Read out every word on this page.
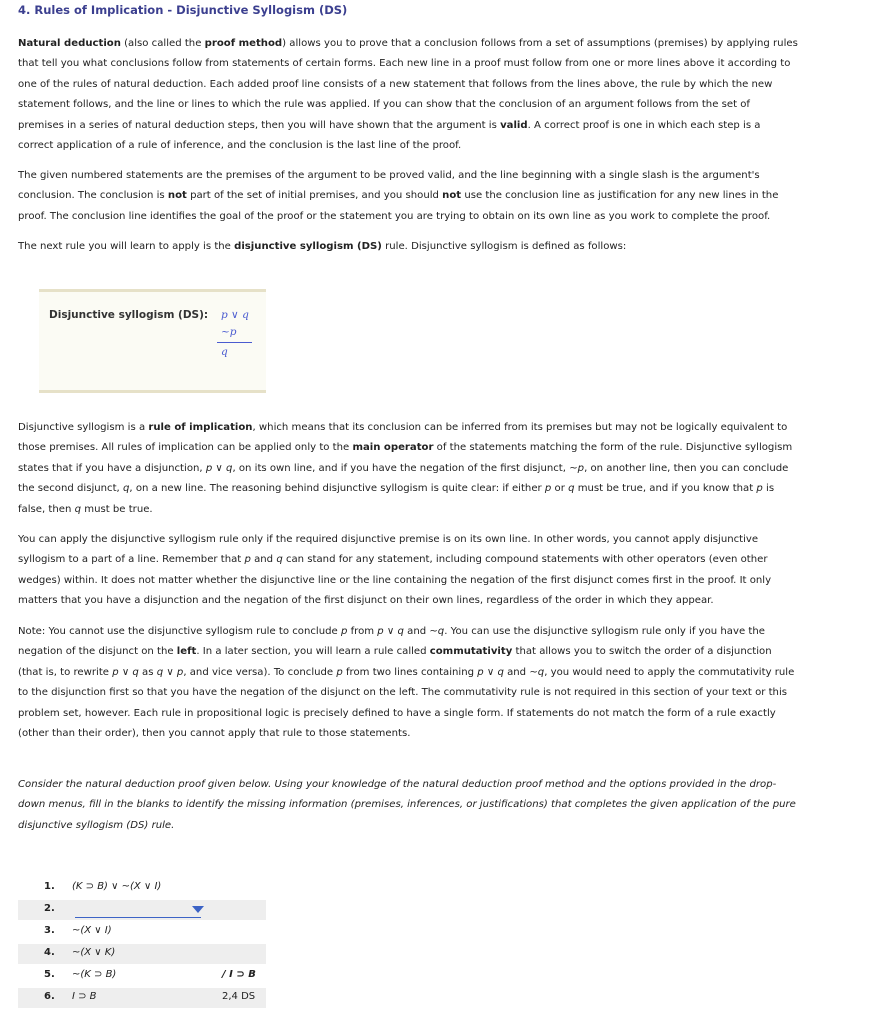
4. Rules of Implication - Disjunctive Syllogism (DS)

Natural deduction (also called the proof method) allows you to prove that a conclusion follows from a set of assumptions (premises) by applying rules that tell you what conclusions follow from statements of certain forms. Each new line in a proof must follow from one or more lines above it according to one of the rules of natural deduction. Each added proof line consists of a new statement that follows from the lines above, the rule by which the new statement follows, and the line or lines to which the rule was applied. If you can show that the conclusion of an argument follows from the set of premises in a series of natural deduction steps, then you will have shown that the argument is valid. A correct proof is one in which each step is a correct application of a rule of inference, and the conclusion is the last line of the proof.

The given numbered statements are the premises of the argument to be proved valid, and the line beginning with a single slash is the argument's conclusion. The conclusion is not part of the set of initial premises, and you should not use the conclusion line as justification for any new lines in the proof. The conclusion line identifies the goal of the proof or the statement you are trying to obtain on its own line as you work to complete the proof.

The next rule you will learn to apply is the disjunctive syllogism (DS) rule. Disjunctive syllogism is defined as follows:

Disjunctive syllogism (DS): p ∨ q
~p
q

Disjunctive syllogism is a rule of implication, which means that its conclusion can be inferred from its premises but may not be logically equivalent to those premises. All rules of implication can be applied only to the main operator of the statements matching the form of the rule. Disjunctive syllogism states that if you have a disjunction, p ∨ q, on its own line, and if you have the negation of the first disjunct, ~p, on another line, then you can conclude the second disjunct, q, on a new line. The reasoning behind disjunctive syllogism is quite clear: if either p or q must be true, and if you know that p is false, then q must be true.

You can apply the disjunctive syllogism rule only if the required disjunctive premise is on its own line. In other words, you cannot apply disjunctive syllogism to a part of a line. Remember that p and q can stand for any statement, including compound statements with other operators (even other wedges) within. It does not matter whether the disjunctive line or the line containing the negation of the first disjunct comes first in the proof. It only matters that you have a disjunction and the negation of the first disjunct on their own lines, regardless of the order in which they appear.

Note: You cannot use the disjunctive syllogism rule to conclude p from p ∨ q and ~q. You can use the disjunctive syllogism rule only if you have the negation of the disjunct on the left. In a later section, you will learn a rule called commutativity that allows you to switch the order of a disjunction (that is, to rewrite p ∨ q as q ∨ p, and vice versa). To conclude p from two lines containing p ∨ q and ~q, you would need to apply the commutativity rule to the disjunction first so that you have the negation of the disjunct on the left. The commutativity rule is not required in this section of your text or this problem set, however. Each rule in propositional logic is precisely defined to have a single form. If statements do not match the form of a rule exactly (other than their order), then you cannot apply that rule to those statements.

Consider the natural deduction proof given below. Using your knowledge of the natural deduction proof method and the options provided in the drop-down menus, fill in the blanks to identify the missing information (premises, inferences, or justifications) that completes the given application of the pure disjunctive syllogism (DS) rule.

1. (K ⊃ B) ∨ ~(X ∨ I)
2.
3. ~(X ∨ I)
4. ~(X ∨ K)
5. ~(K ⊃ B)	/ I ⊃ B
6. I ⊃ B	2,4 DS
